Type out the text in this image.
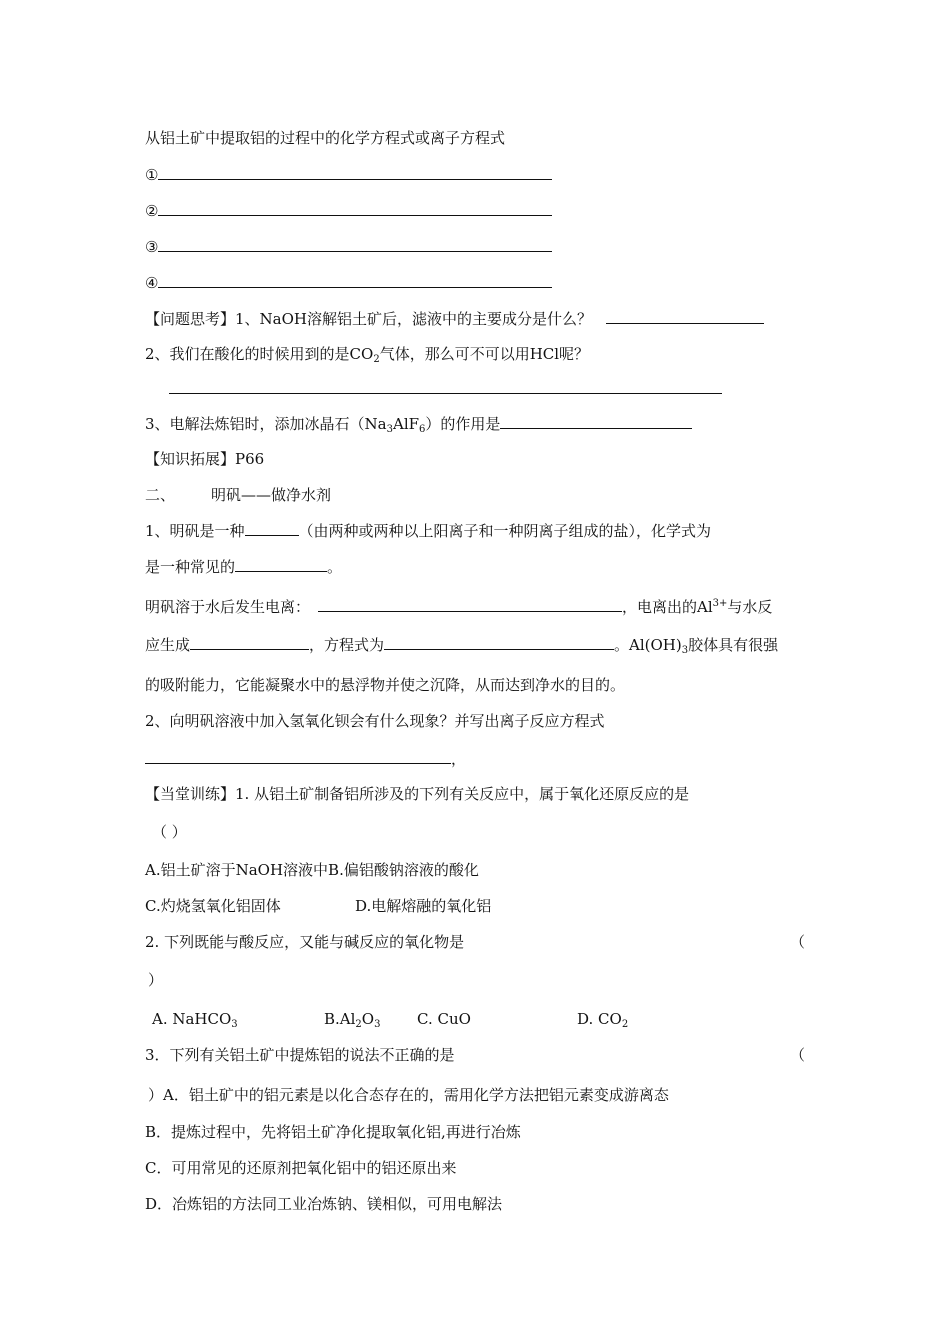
从铝土矿中提取铝的过程中的化学方程式或离子方程式
①
②
③
④
【问题思考】1、NaOH溶解铝土矿后，滤液中的主要成分是什么？
2、我们在酸化的时候用到的是$CO_2$气体，那么可不可以用HCl呢？
3、电解法炼铝时，添加冰晶石$(Na_3AlF_6)$的作用是
【知识拓展】P66
二、 明矾——做净水剂
1、明矾是一种	（由两种或两种以上阳离子和一种阴离子组成的盐），化学式为
是一种常见的	。
明矾溶于水后发生电离：	，电离出的$Al^{3+}$与水反
应生成	，方程式为	。$Al(OH)_3$胶体具有很强
的吸附能力，它能凝聚水中的悬浮物并使之沉降，从而达到净水的目的。
2、向明矾溶液中加入氢氧化钡会有什么现象？并写出离子反应方程式
，
【当堂训练】1. 从铝土矿制备铝所涉及的下列有关反应中，属于氧化还原反应的是
（ ）
A.铝土矿溶于NaOH溶液中B.偏铝酸钠溶液的酸化
C.灼烧氢氧化铝固体	D.电解熔融的氧化铝
2. 下列既能与酸反应，又能与碱反应的氧化物是	（
）
A. NaHCO$_3$	$B.Al_2O_3$ C. CuO	D. $CO_2$
3．下列有关铝土矿中提炼铝的说法不正确的是	（
）A．铝土矿中的铝元素是以化合态存在的，需用化学方法把铝元素变成游离态
B．提炼过程中，先将铝土矿净化提取氧化铝,再进行冶炼
C．可用常见的还原剂把氧化铝中的铝还原出来
D．冶炼铝的方法同工业冶炼钠、镁相似，可用电解法
